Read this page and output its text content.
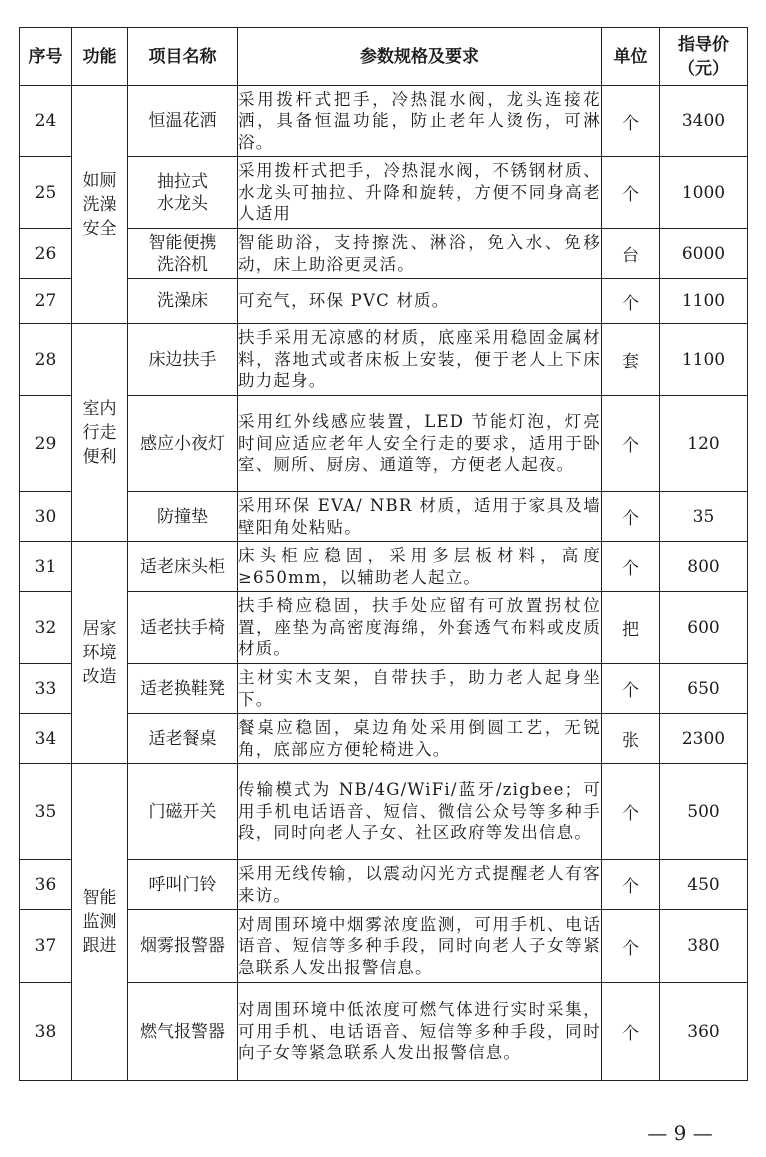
序号	功能	项目名称	参数规格及要求	单位	指导价
（元）

24	如厕
洗澡
安全	恒温花洒	采用拨杆式把手，冷热混水阀，龙头连接花洒，具备恒温功能，防止老年人烫伤，可淋浴。	个	3400
25		抽拉式
水龙头	采用拨杆式把手，冷热混水阀，不锈钢材质、水龙头可抽拉、升降和旋转，方便不同身高老人适用	个	1000
26		智能便携
洗浴机	智能助浴，支持擦洗、淋浴，免入水、免移动，床上助浴更灵活。	台	6000
27		洗澡床	可充气，环保 PVC 材质。	个	1100
28	室内
行走
便利	床边扶手	扶手采用无凉感的材质，底座采用稳固金属材料，落地式或者床板上安装，便于老人上下床助力起身。	套	1100
29		感应小夜灯	采用红外线感应装置，LED 节能灯泡，灯亮时间应适应老年人安全行走的要求，适用于卧室、厕所、厨房、通道等，方便老人起夜。	个	120
30		防撞垫	采用环保 EVA/ NBR 材质，适用于家具及墙壁阳角处粘贴。	个	35
31	居家
环境
改造	适老床头柜	床头柜应稳固，采用多层板材料，高度≥650mm，以辅助老人起立。	个	800
32		适老扶手椅	扶手椅应稳固，扶手处应留有可放置拐杖位置，座垫为高密度海绵，外套透气布料或皮质材质。	把	600
33		适老换鞋凳	主材实木支架，自带扶手，助力老人起身坐下。	个	650
34		适老餐桌	餐桌应稳固，桌边角处采用倒圆工艺，无锐角，底部应方便轮椅进入。	张	2300
35	智能
监测
跟进	门磁开关	传输模式为 NB/4G/WiFi/蓝牙/zigbee；可用手机电话语音、短信、微信公众号等多种手段，同时向老人子女、社区政府等发出信息。	个	500
36		呼叫门铃	采用无线传输，以震动闪光方式提醒老人有客来访。	个	450
37		烟雾报警器	对周围环境中烟雾浓度监测，可用手机、电话语音、短信等多种手段，同时向老人子女等紧急联系人发出报警信息。	个	380
38		燃气报警器	对周围环境中低浓度可燃气体进行实时采集，可用手机、电话语音、短信等多种手段，同时向子女等紧急联系人发出报警信息。	个	360
— 9 —
